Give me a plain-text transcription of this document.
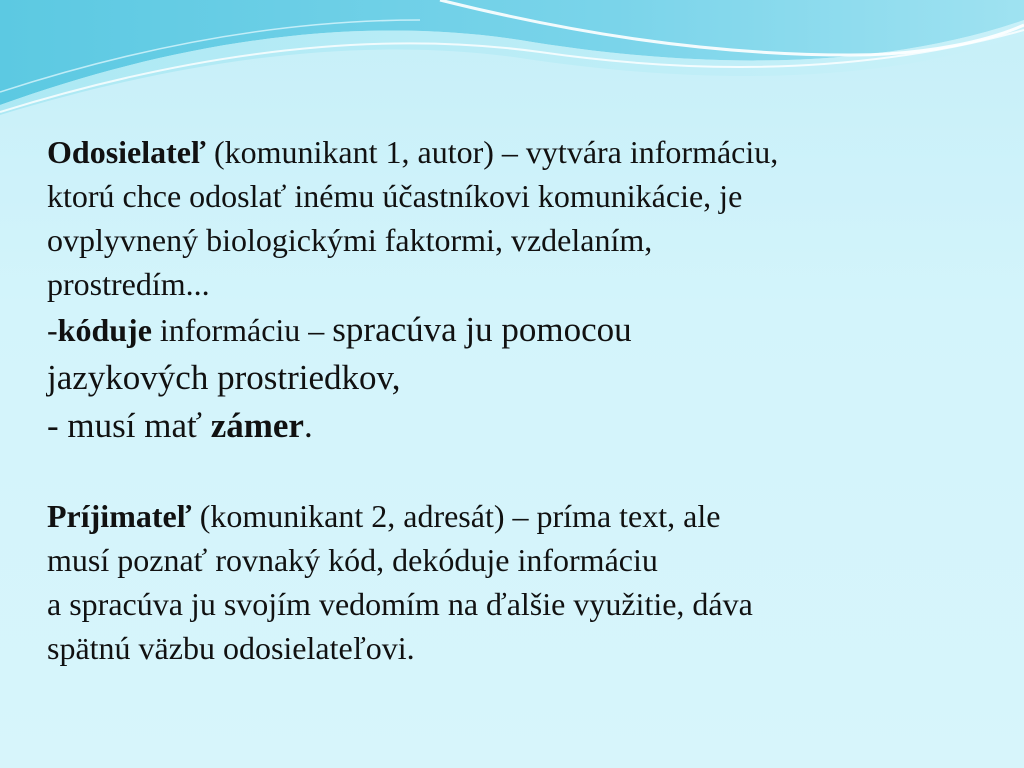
Odosielateľ (komunikant 1, autor) – vytvára informáciu,

ktorú chce odoslať inému účastníkovi komunikácie, je

ovplyvnený biologickými faktormi, vzdelaním,

prostredím...

-kóduje informáciu – spracúva ju pomocou

jazykových prostriedkov,

- musí mať zámer.

Príjimateľ (komunikant 2, adresát) – príma text, ale

musí poznať rovnaký kód, dekóduje informáciu

a spracúva ju svojím vedomím na ďalšie využitie, dáva

spätnú väzbu odosielateľovi.
